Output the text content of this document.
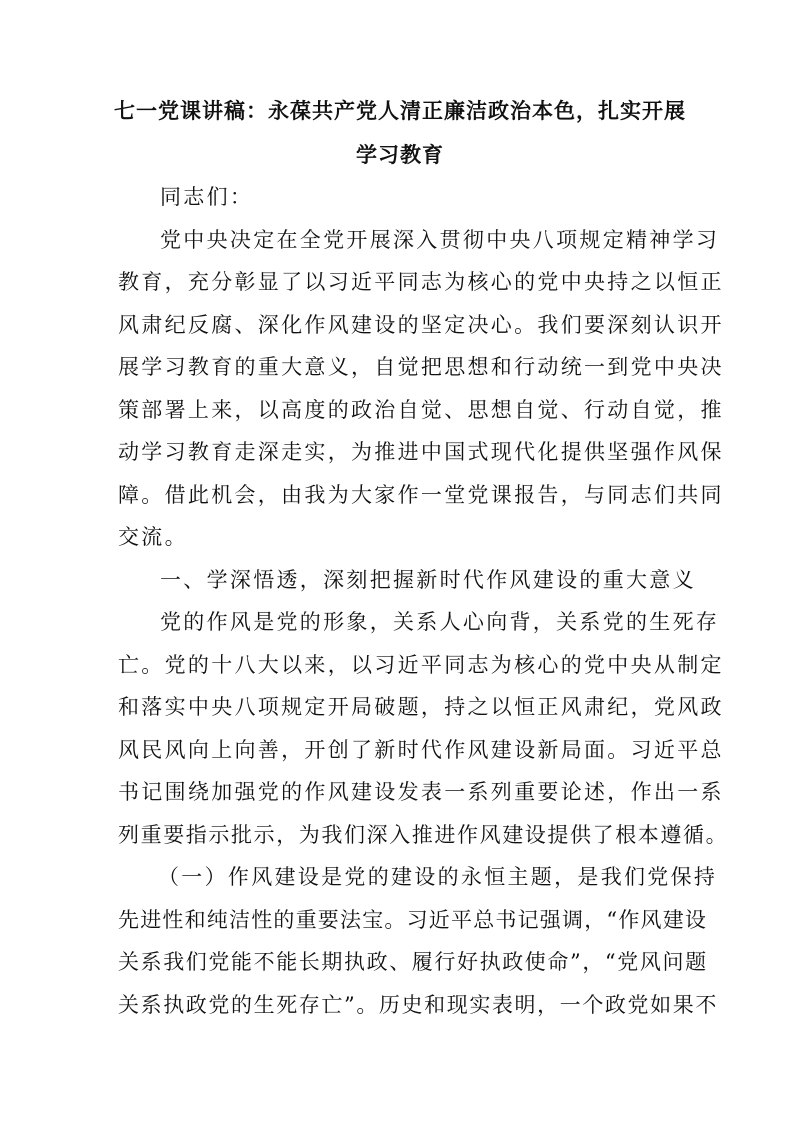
七一党课讲稿：永葆共产党人清正廉洁政治本色，扎实开展
学习教育
同志们：
党中央决定在全党开展深入贯彻中央八项规定精神学习
教育，充分彰显了以习近平同志为核心的党中央持之以恒正
风肃纪反腐、深化作风建设的坚定决心。我们要深刻认识开
展学习教育的重大意义，自觉把思想和行动统一到党中央决
策部署上来，以高度的政治自觉、思想自觉、行动自觉，推
动学习教育走深走实，为推进中国式现代化提供坚强作风保
障。借此机会，由我为大家作一堂党课报告，与同志们共同
交流。
一、学深悟透，深刻把握新时代作风建设的重大意义
党的作风是党的形象，关系人心向背，关系党的生死存
亡。党的十八大以来，以习近平同志为核心的党中央从制定
和落实中央八项规定开局破题，持之以恒正风肃纪，党风政
风民风向上向善，开创了新时代作风建设新局面。习近平总
书记围绕加强党的作风建设发表一系列重要论述，作出一系
列重要指示批示，为我们深入推进作风建设提供了根本遵循。
（一）作风建设是党的建设的永恒主题，是我们党保持
先进性和纯洁性的重要法宝。习近平总书记强调，“作风建设
关系我们党能不能长期执政、履行好执政使命”，“党风问题
关系执政党的生死存亡”。历史和现实表明，一个政党如果不
